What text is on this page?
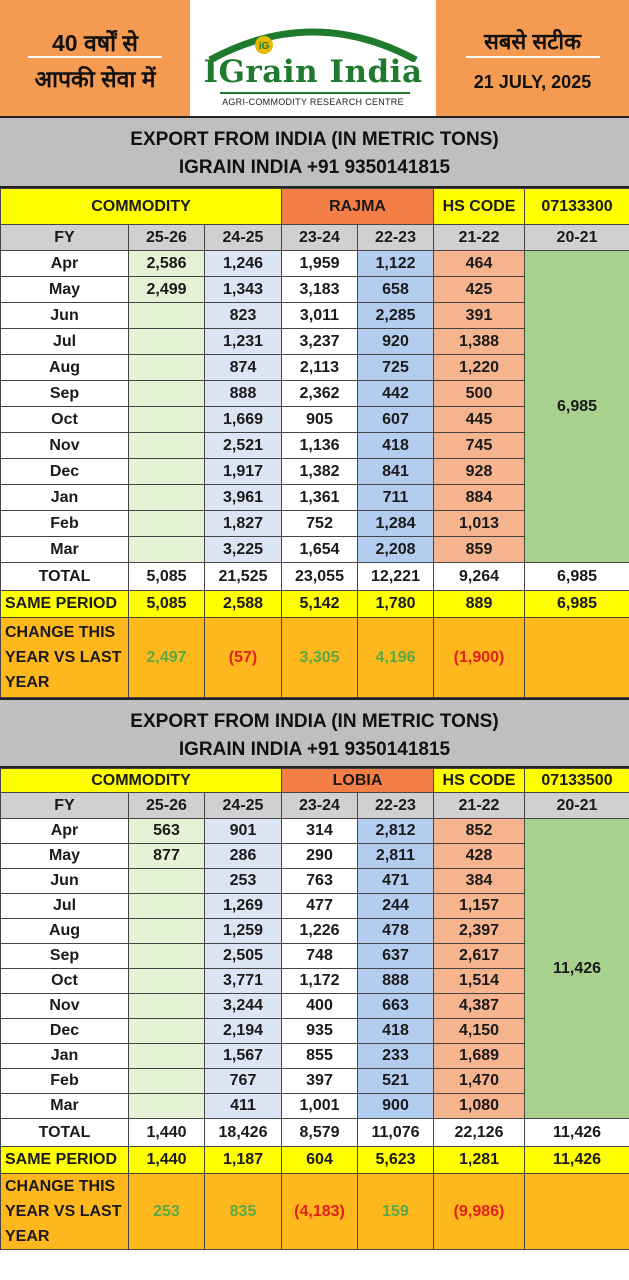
40 वर्षों से
आपकी सेवा में
iG
IGrain India
AGRI-COMMODITY RESEARCH CENTRE
सबसे सटीक
21 JULY, 2025
EXPORT FROM INDIA (IN METRIC TONS)
IGRAIN INDIA +91 9350141815
COMMODITY			RAJMA		HS CODE	07133300
FY	25-26	24-25	23-24	22-23	21-22	20-21
Apr	2,586	1,246	1,959	1,122	464	6,985
May	2,499	1,343	3,183	658	425	
Jun		823	3,011	2,285	391	
Jul		1,231	3,237	920	1,388	
Aug		874	2,113	725	1,220	
Sep		888	2,362	442	500	
Oct		1,669	905	607	445	
Nov		2,521	1,136	418	745	
Dec		1,917	1,382	841	928	
Jan		3,961	1,361	711	884	
Feb		1,827	752	1,284	1,013	
Mar		3,225	1,654	2,208	859	
TOTAL	5,085	21,525	23,055	12,221	9,264	6,985
SAME PERIOD	5,085	2,588	5,142	1,780	889	6,985
CHANGE THIS
YEAR VS LAST
YEAR	2,497	(57)	3,305	4,196	(1,900)	
EXPORT FROM INDIA (IN METRIC TONS)
IGRAIN INDIA +91 9350141815
COMMODITY			LOBIA		HS CODE	07133500
FY	25-26	24-25	23-24	22-23	21-22	20-21
Apr	563	901	314	2,812	852	11,426
May	877	286	290	2,811	428	
Jun		253	763	471	384	
Jul		1,269	477	244	1,157	
Aug		1,259	1,226	478	2,397	
Sep		2,505	748	637	2,617	
Oct		3,771	1,172	888	1,514	
Nov		3,244	400	663	4,387	
Dec		2,194	935	418	4,150	
Jan		1,567	855	233	1,689	
Feb		767	397	521	1,470	
Mar		411	1,001	900	1,080	
TOTAL	1,440	18,426	8,579	11,076	22,126	11,426
SAME PERIOD	1,440	1,187	604	5,623	1,281	11,426
CHANGE THIS
YEAR VS LAST
YEAR	253	835	(4,183)	159	(9,986)	
